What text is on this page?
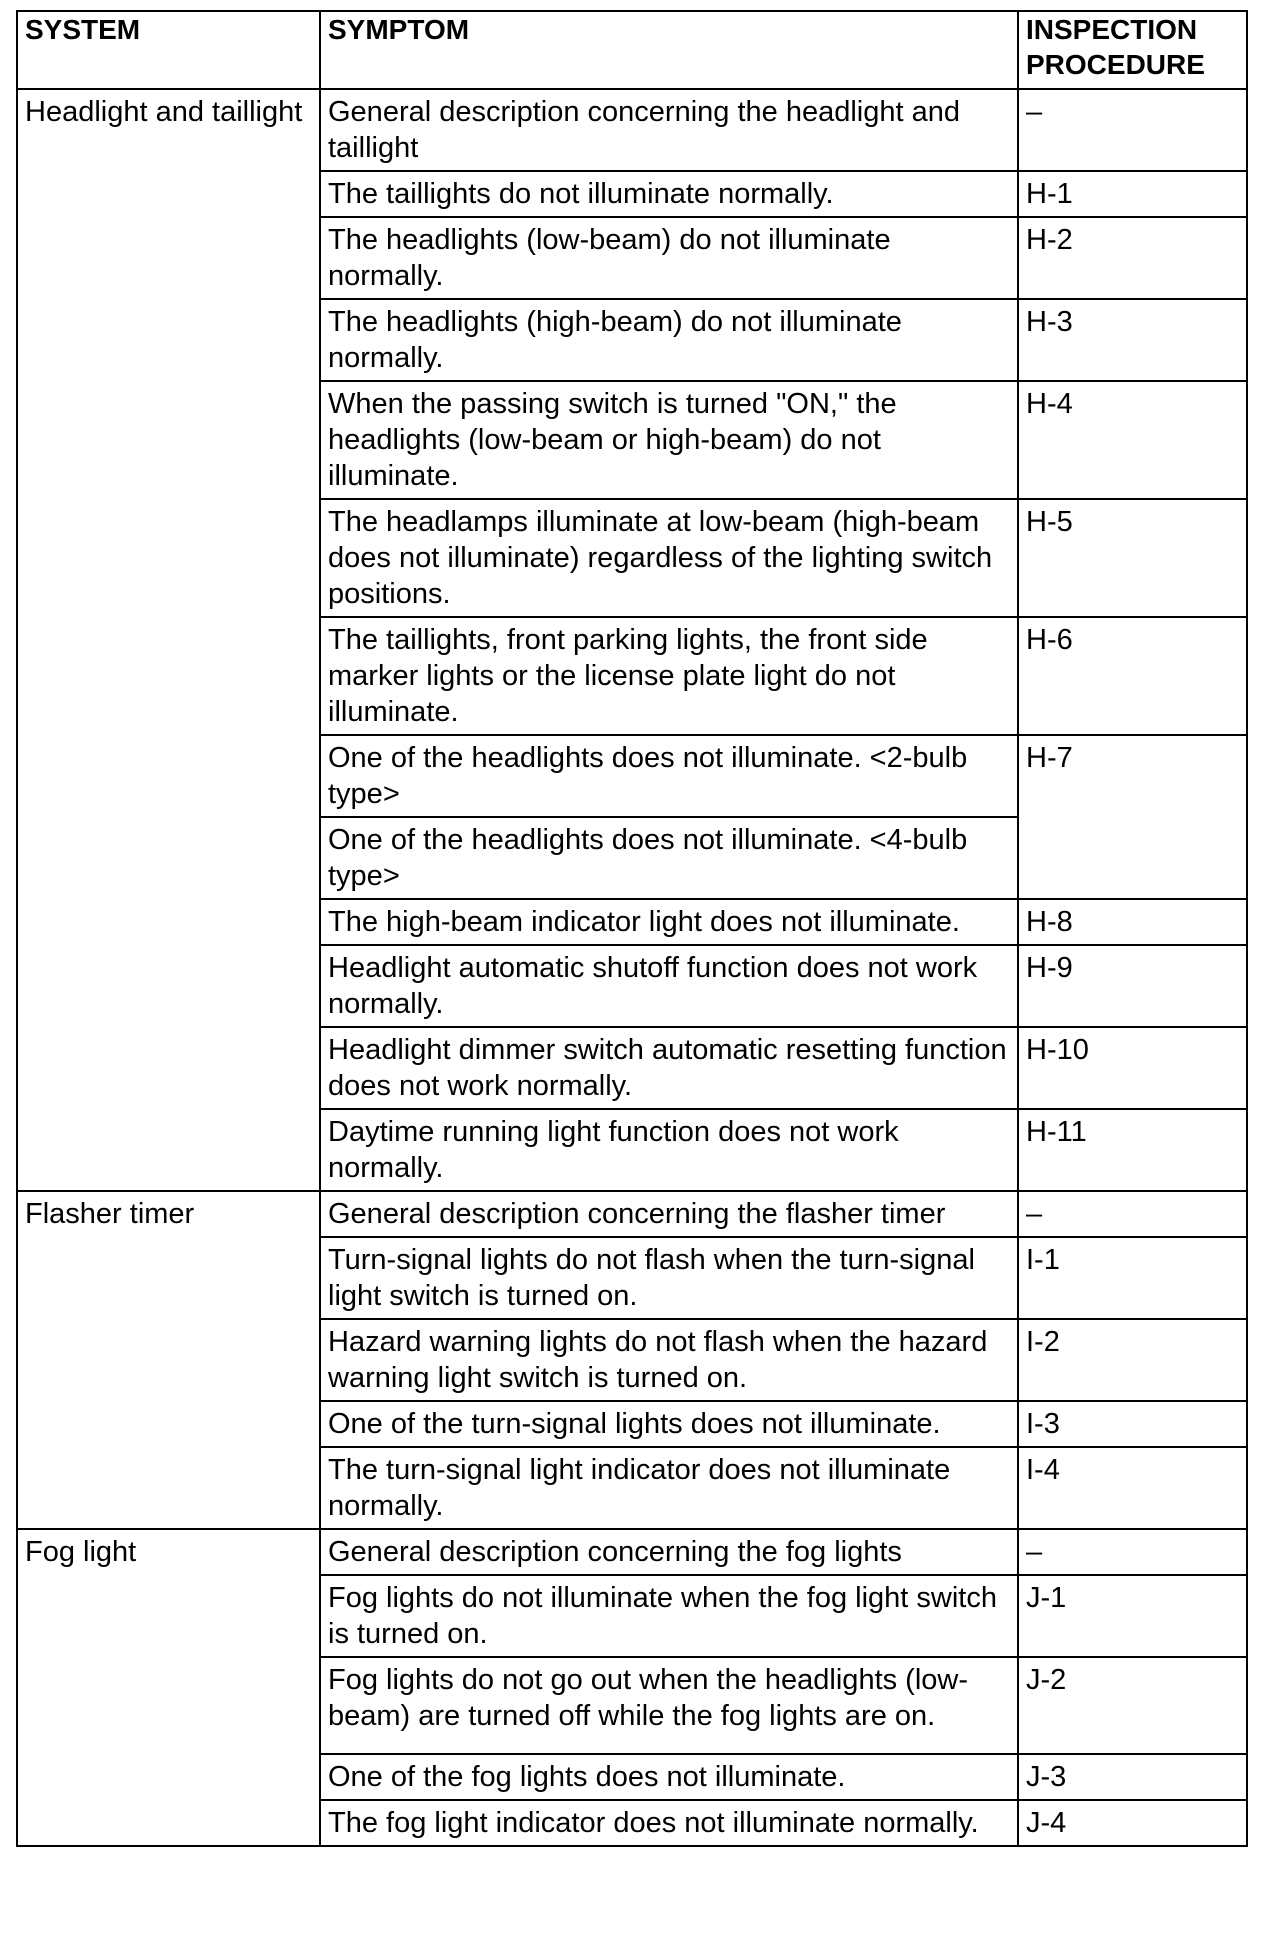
SYSTEM	SYMPTOM	INSPECTION PROCEDURE
Headlight and taillight	General description concerning the headlight and taillight	–
	The taillights do not illuminate normally.	H-1
	The headlights (low-beam) do not illuminate normally.	H-2
	The headlights (high-beam) do not illuminate normally.	H-3
	When the passing switch is turned "ON," the headlights (low-beam or high-beam) do not illuminate.	H-4
	The headlamps illuminate at low-beam (high-beam does not illuminate) regardless of the lighting switch positions.	H-5
	The taillights, front parking lights, the front side marker lights or the license plate light do not illuminate.	H-6
	One of the headlights does not illuminate. <2-bulb type>	H-7
	One of the headlights does not illuminate. <4-bulb type>	
	The high-beam indicator light does not illuminate.	H-8
	Headlight automatic shutoff function does not work normally.	H-9
	Headlight dimmer switch automatic resetting function does not work normally.	H-10
	Daytime running light function does not work normally.	H-11
Flasher timer	General description concerning the flasher timer	–
	Turn-signal lights do not flash when the turn-signal light switch is turned on.	I-1
	Hazard warning lights do not flash when the hazard warning light switch is turned on.	I-2
	One of the turn-signal lights does not illuminate.	I-3
	The turn-signal light indicator does not illuminate normally.	I-4
Fog light	General description concerning the fog lights	–
	Fog lights do not illuminate when the fog light switch is turned on.	J-1
	Fog lights do not go out when the headlights (low-beam) are turned off while the fog lights are on.	J-2
	One of the fog lights does not illuminate.	J-3
	The fog light indicator does not illuminate normally.	J-4
